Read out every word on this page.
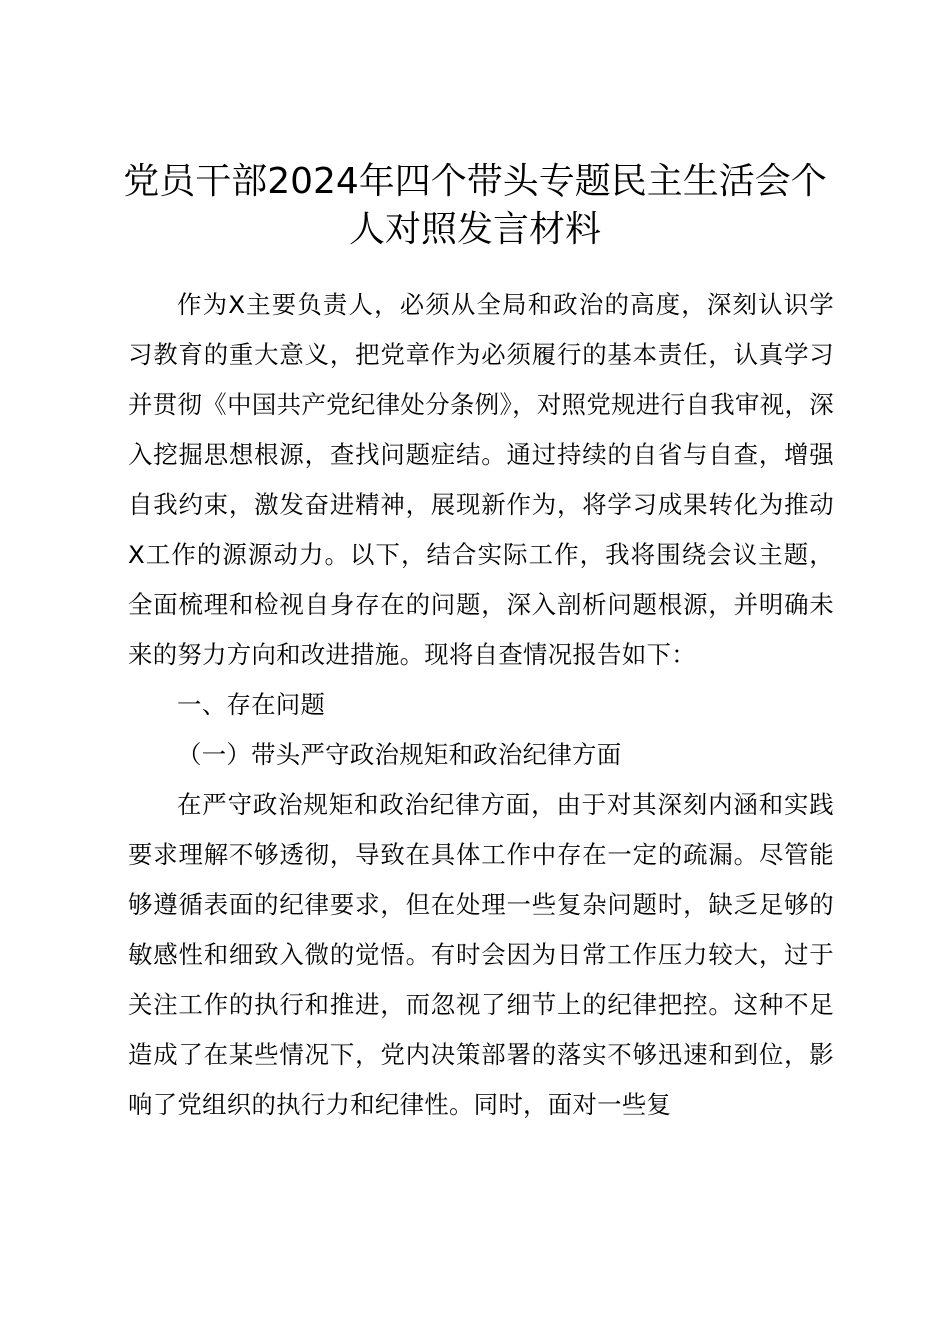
党员干部2024年四个带头专题民主生活会个
人对照发言材料

作为X主要负责人，必须从全局和政治的高度，深刻认识学习教育的重大意义，把党章作为必须履行的基本责任，认真学习并贯彻《中国共产党纪律处分条例》，对照党规进行自我审视，深入挖掘思想根源，查找问题症结。通过持续的自省与自查，增强自我约束，激发奋进精神，展现新作为，将学习成果转化为推动X工作的源源动力。以下，结合实际工作，我将围绕会议主题，全面梳理和检视自身存在的问题，深入剖析问题根源，并明确未来的努力方向和改进措施。现将自查情况报告如下：

一、存在问题

（一）带头严守政治规矩和政治纪律方面

在严守政治规矩和政治纪律方面，由于对其深刻内涵和实践要求理解不够透彻，导致在具体工作中存在一定的疏漏。尽管能够遵循表面的纪律要求，但在处理一些复杂问题时，缺乏足够的敏感性和细致入微的觉悟。有时会因为日常工作压力较大，过于关注工作的执行和推进，而忽视了细节上的纪律把控。这种不足造成了在某些情况下，党内决策部署的落实不够迅速和到位，影响了党组织的执行力和纪律性。同时，面对一些复
